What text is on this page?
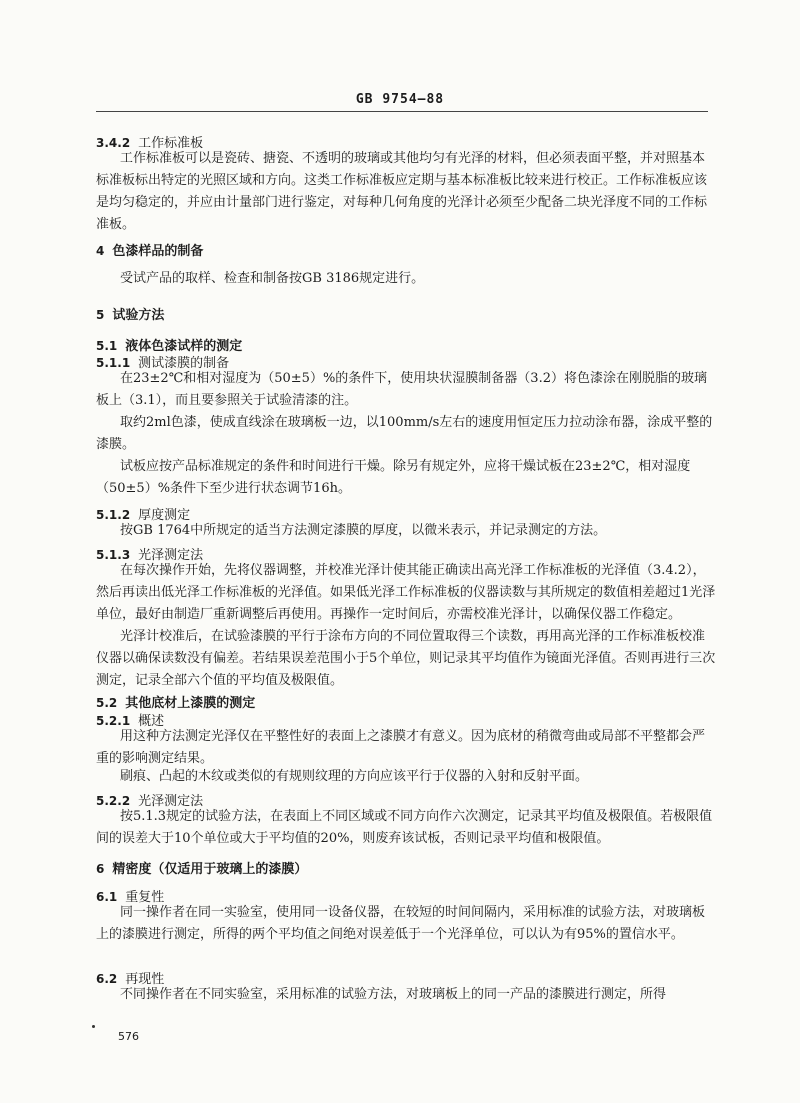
GB 9754—88
3.4.2 工作标准板
工作标准板可以是瓷砖、搪瓷、不透明的玻璃或其他均匀有光泽的材料，但必须表面平整，并对照基本标准板标出特定的光照区域和方向。这类工作标准板应定期与基本标准板比较来进行校正。工作标准板应该是均匀稳定的，并应由计量部门进行鉴定，对每种几何角度的光泽计必须至少配备二块光泽度不同的工作标准板。
4 色漆样品的制备
受试产品的取样、检查和制备按GB 3186规定进行。
5 试验方法
5.1 液体色漆试样的测定
5.1.1 测试漆膜的制备
在23±2℃和相对湿度为（50±5）%的条件下，使用块状湿膜制备器（3.2）将色漆涂在刚脱脂的玻璃板上（3.1），而且要参照关于试验清漆的注。
取约2ml色漆，使成直线涂在玻璃板一边，以100mm/s左右的速度用恒定压力拉动涂布器，涂成平整的漆膜。
试板应按产品标准规定的条件和时间进行干燥。除另有规定外，应将干燥试板在23±2℃，相对湿度（50±5）%条件下至少进行状态调节16h。
5.1.2 厚度测定
按GB 1764中所规定的适当方法测定漆膜的厚度，以微米表示，并记录测定的方法。
5.1.3 光泽测定法
在每次操作开始，先将仪器调整，并校准光泽计使其能正确读出高光泽工作标准板的光泽值（3.4.2），然后再读出低光泽工作标准板的光泽值。如果低光泽工作标准板的仪器读数与其所规定的数值相差超过1光泽单位，最好由制造厂重新调整后再使用。再操作一定时间后，亦需校准光泽计，以确保仪器工作稳定。
光泽计校准后，在试验漆膜的平行于涂布方向的不同位置取得三个读数，再用高光泽的工作标准板校准仪器以确保读数没有偏差。若结果误差范围小于5个单位，则记录其平均值作为镜面光泽值。否则再进行三次测定，记录全部六个值的平均值及极限值。
5.2 其他底材上漆膜的测定
5.2.1 概述
用这种方法测定光泽仅在平整性好的表面上之漆膜才有意义。因为底材的稍微弯曲或局部不平整都会严重的影响测定结果。
刷痕、凸起的木纹或类似的有规则纹理的方向应该平行于仪器的入射和反射平面。
5.2.2 光泽测定法
按5.1.3规定的试验方法，在表面上不同区域或不同方向作六次测定，记录其平均值及极限值。若极限值间的误差大于10个单位或大于平均值的20%，则废弃该试板，否则记录平均值和极限值。
6 精密度（仅适用于玻璃上的漆膜）
6.1 重复性
同一操作者在同一实验室，使用同一设备仪器，在较短的时间间隔内，采用标准的试验方法，对玻璃板上的漆膜进行测定，所得的两个平均值之间绝对误差低于一个光泽单位，可以认为有95%的置信水平。
6.2 再现性
不同操作者在不同实验室，采用标准的试验方法，对玻璃板上的同一产品的漆膜进行测定，所得
576
